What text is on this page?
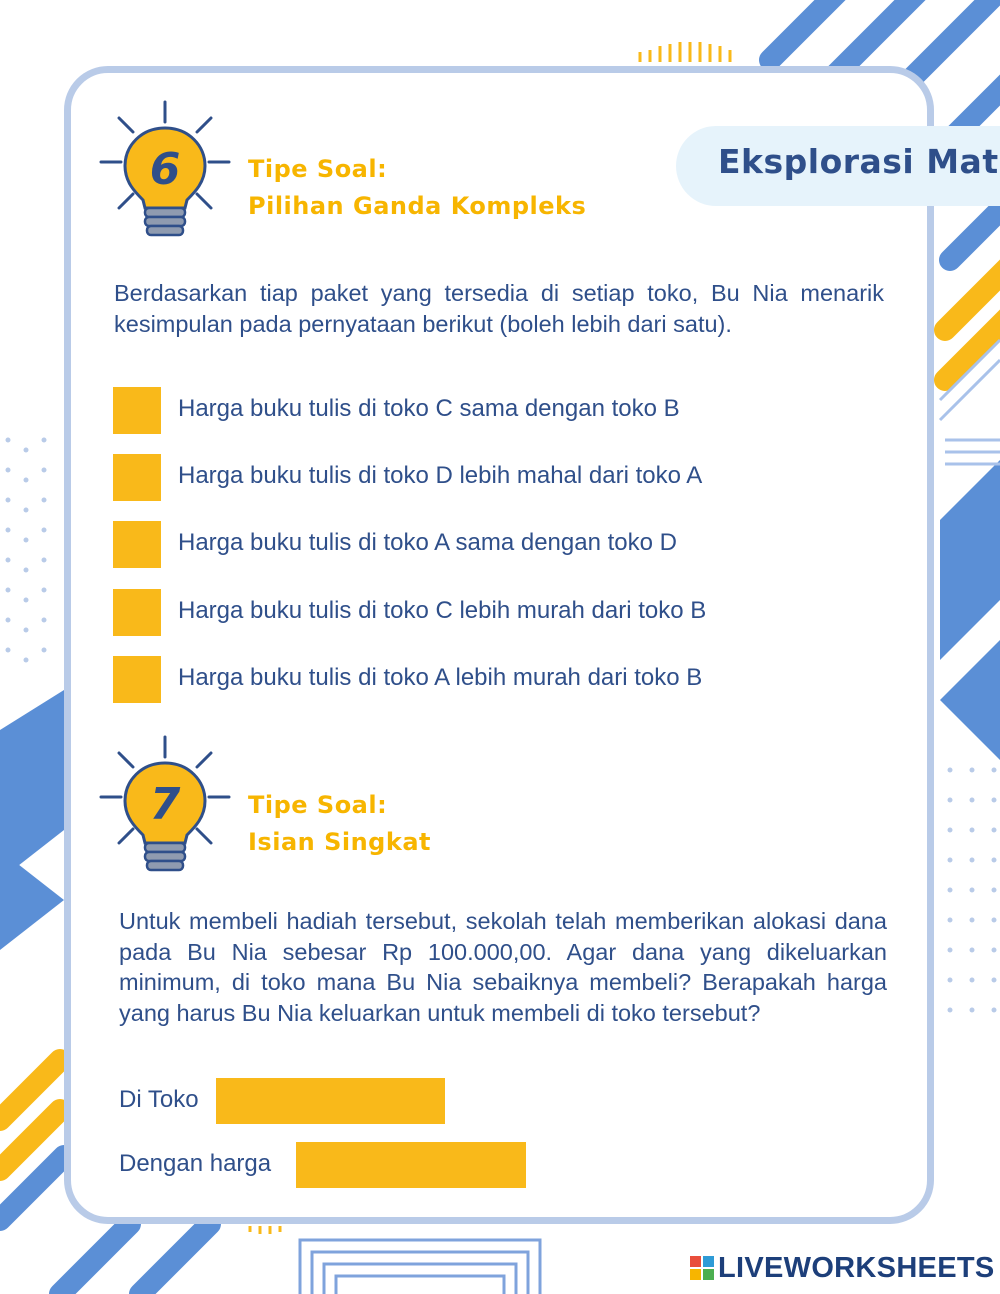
Eksplorasi Mat
6	Tipe Soal:
Pilihan Ganda Kompleks
Berdasarkan tiap paket yang tersedia di setiap toko, Bu Nia menarik kesimpulan pada pernyataan berikut (boleh lebih dari satu).
Harga buku tulis di toko C sama dengan toko B
Harga buku tulis di toko D lebih mahal dari toko A
Harga buku tulis di toko A sama dengan toko D
Harga buku tulis di toko C lebih murah dari toko B
Harga buku tulis di toko A lebih murah dari toko B
7	Tipe Soal:
Isian Singkat
Untuk membeli hadiah tersebut, sekolah telah memberikan alokasi dana pada Bu Nia sebesar Rp 100.000,00. Agar dana yang dikeluarkan minimum, di toko mana Bu Nia sebaiknya membeli? Berapakah harga yang harus Bu Nia keluarkan untuk membeli di toko tersebut?
Di Toko
Dengan harga
LIVEWORKSHEETS
